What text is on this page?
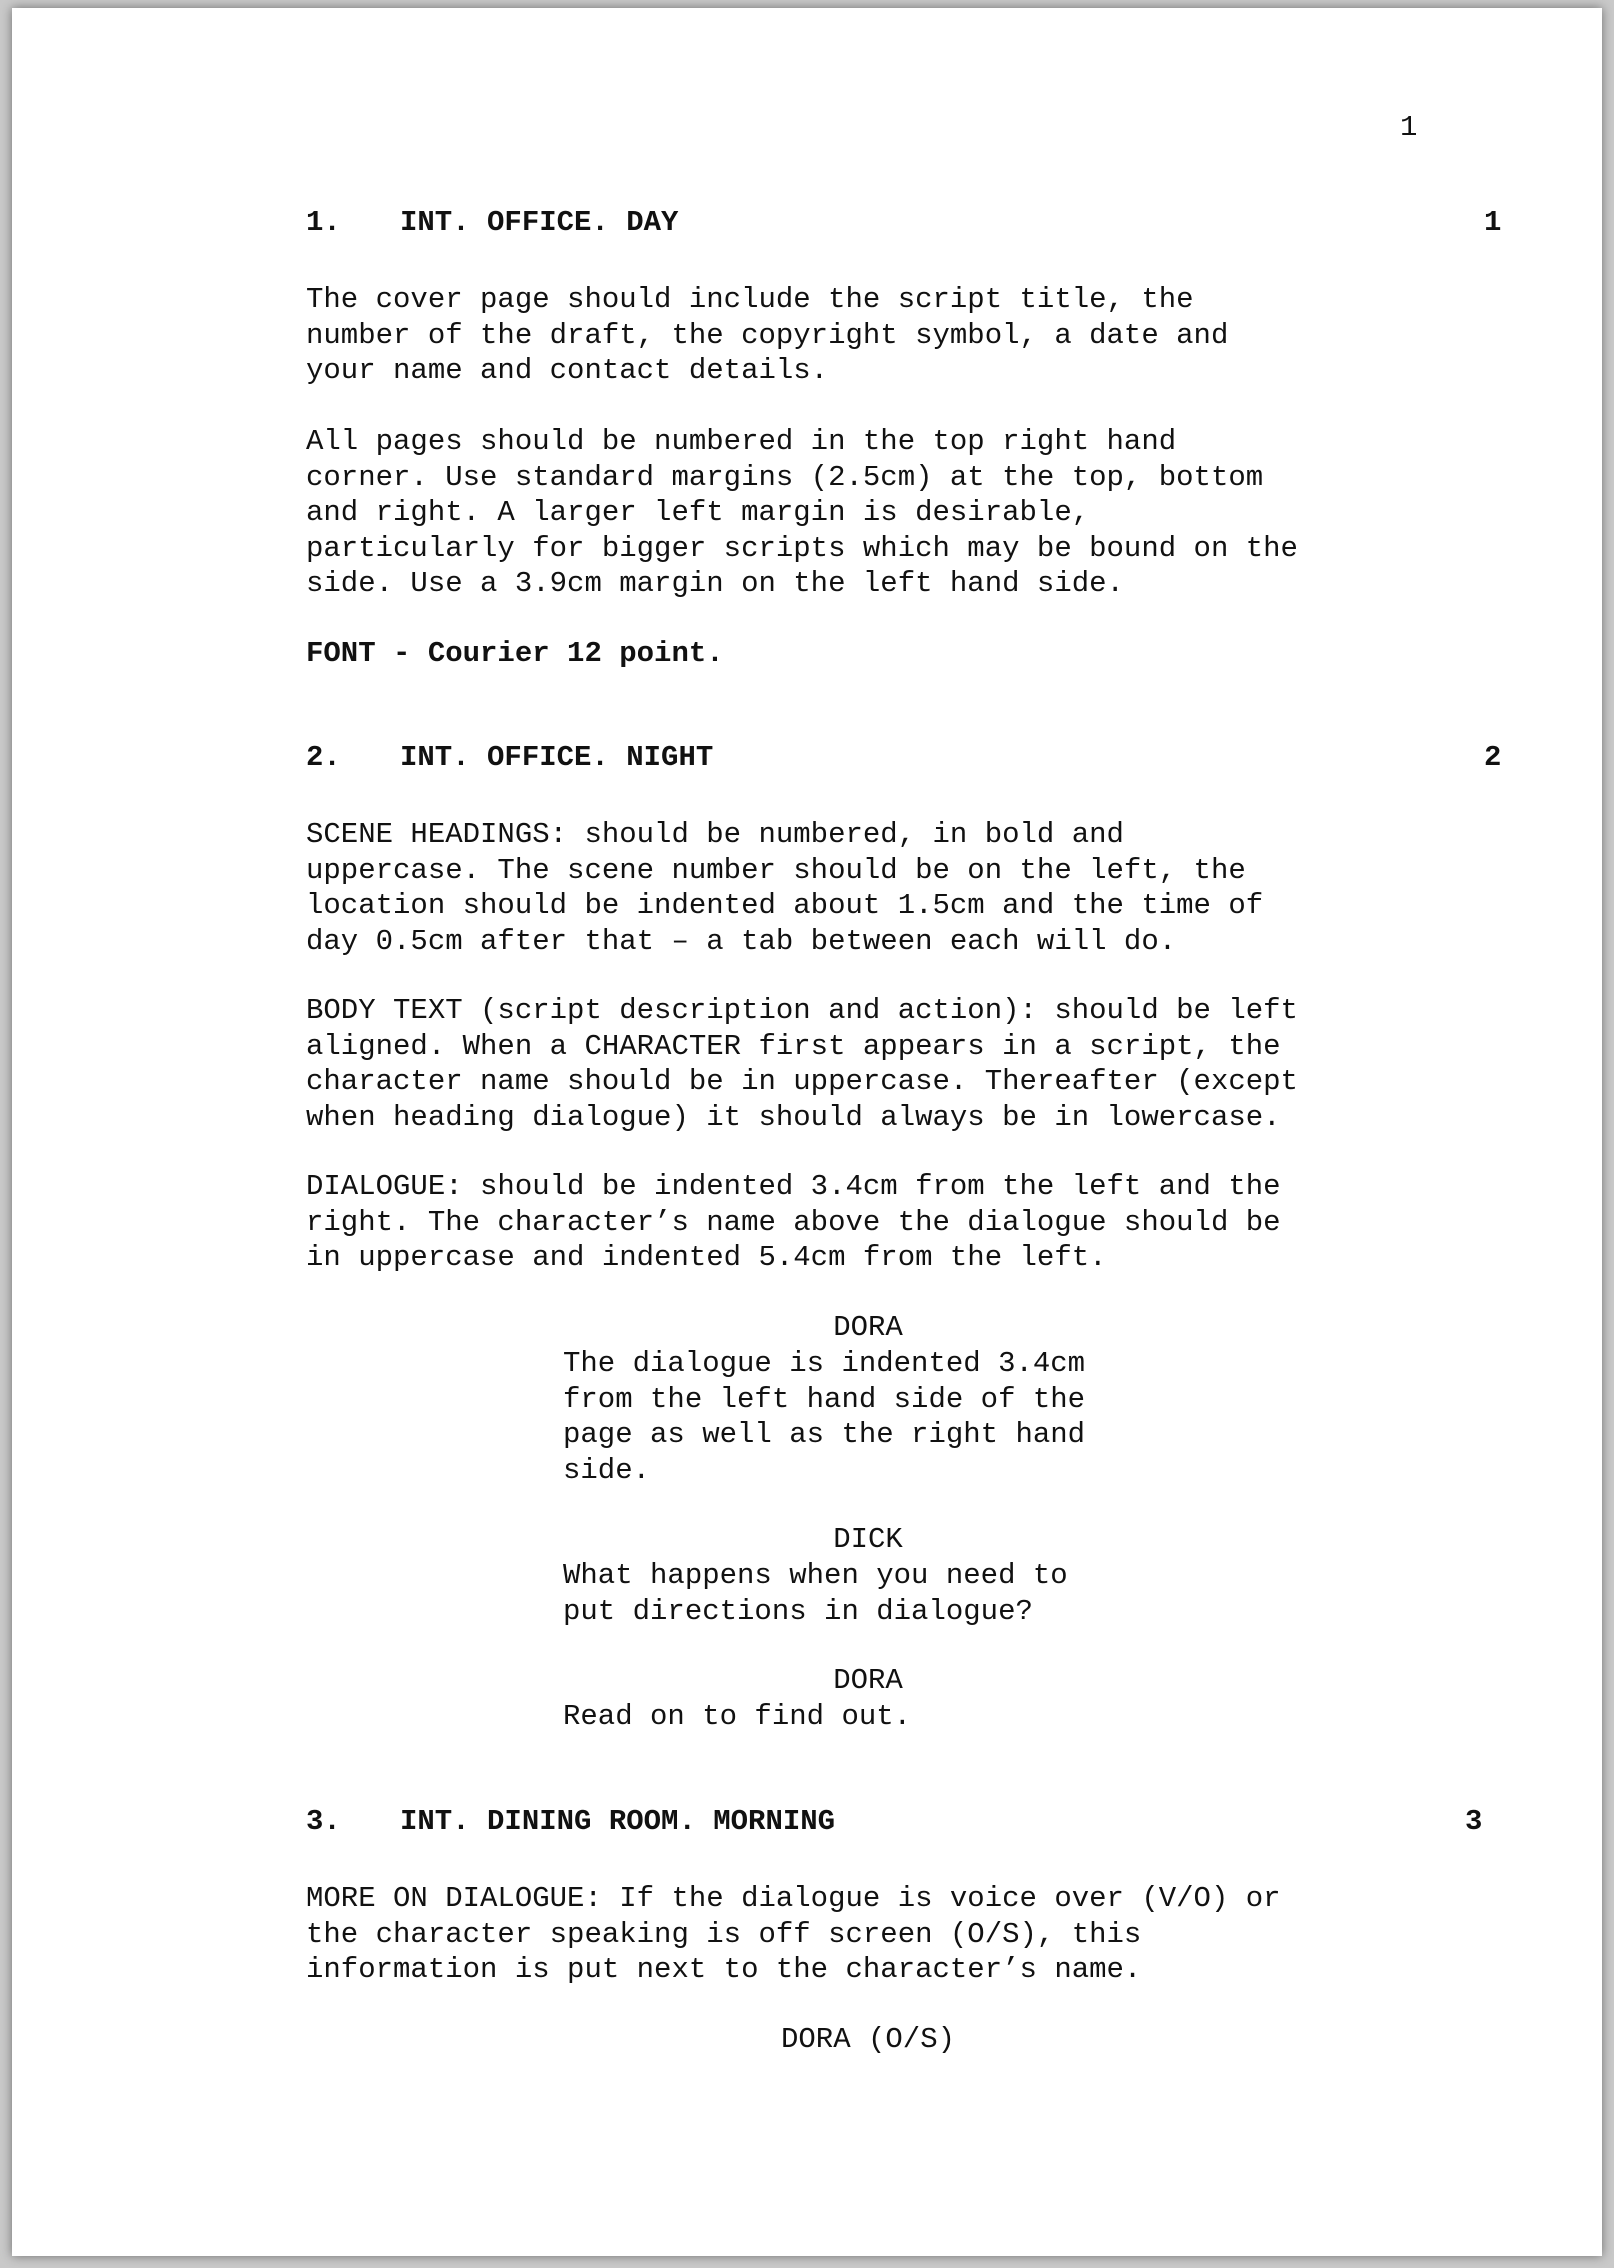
1
1. INT. OFFICE. DAY	1
The cover page should include the script title, the
number of the draft, the copyright symbol, a date and
your name and contact details.
All pages should be numbered in the top right hand
corner. Use standard margins (2.5cm) at the top, bottom
and right. A larger left margin is desirable,
particularly for bigger scripts which may be bound on the
side. Use a 3.9cm margin on the left hand side.
FONT - Courier 12 point.
2. INT. OFFICE. NIGHT	2
SCENE HEADINGS: should be numbered, in bold and
uppercase. The scene number should be on the left, the
location should be indented about 1.5cm and the time of
day 0.5cm after that – a tab between each will do.
BODY TEXT (script description and action): should be left
aligned. When a CHARACTER first appears in a script, the
character name should be in uppercase. Thereafter (except
when heading dialogue) it should always be in lowercase.
DIALOGUE: should be indented 3.4cm from the left and the
right. The character’s name above the dialogue should be
in uppercase and indented 5.4cm from the left.
DORA
The dialogue is indented 3.4cm
from the left hand side of the
page as well as the right hand
side.
DICK
What happens when you need to
put directions in dialogue?
DORA
Read on to find out.
3. INT. DINING ROOM. MORNING	3
MORE ON DIALOGUE: If the dialogue is voice over (V/O) or
the character speaking is off screen (O/S), this
information is put next to the character’s name.
DORA (O/S)
